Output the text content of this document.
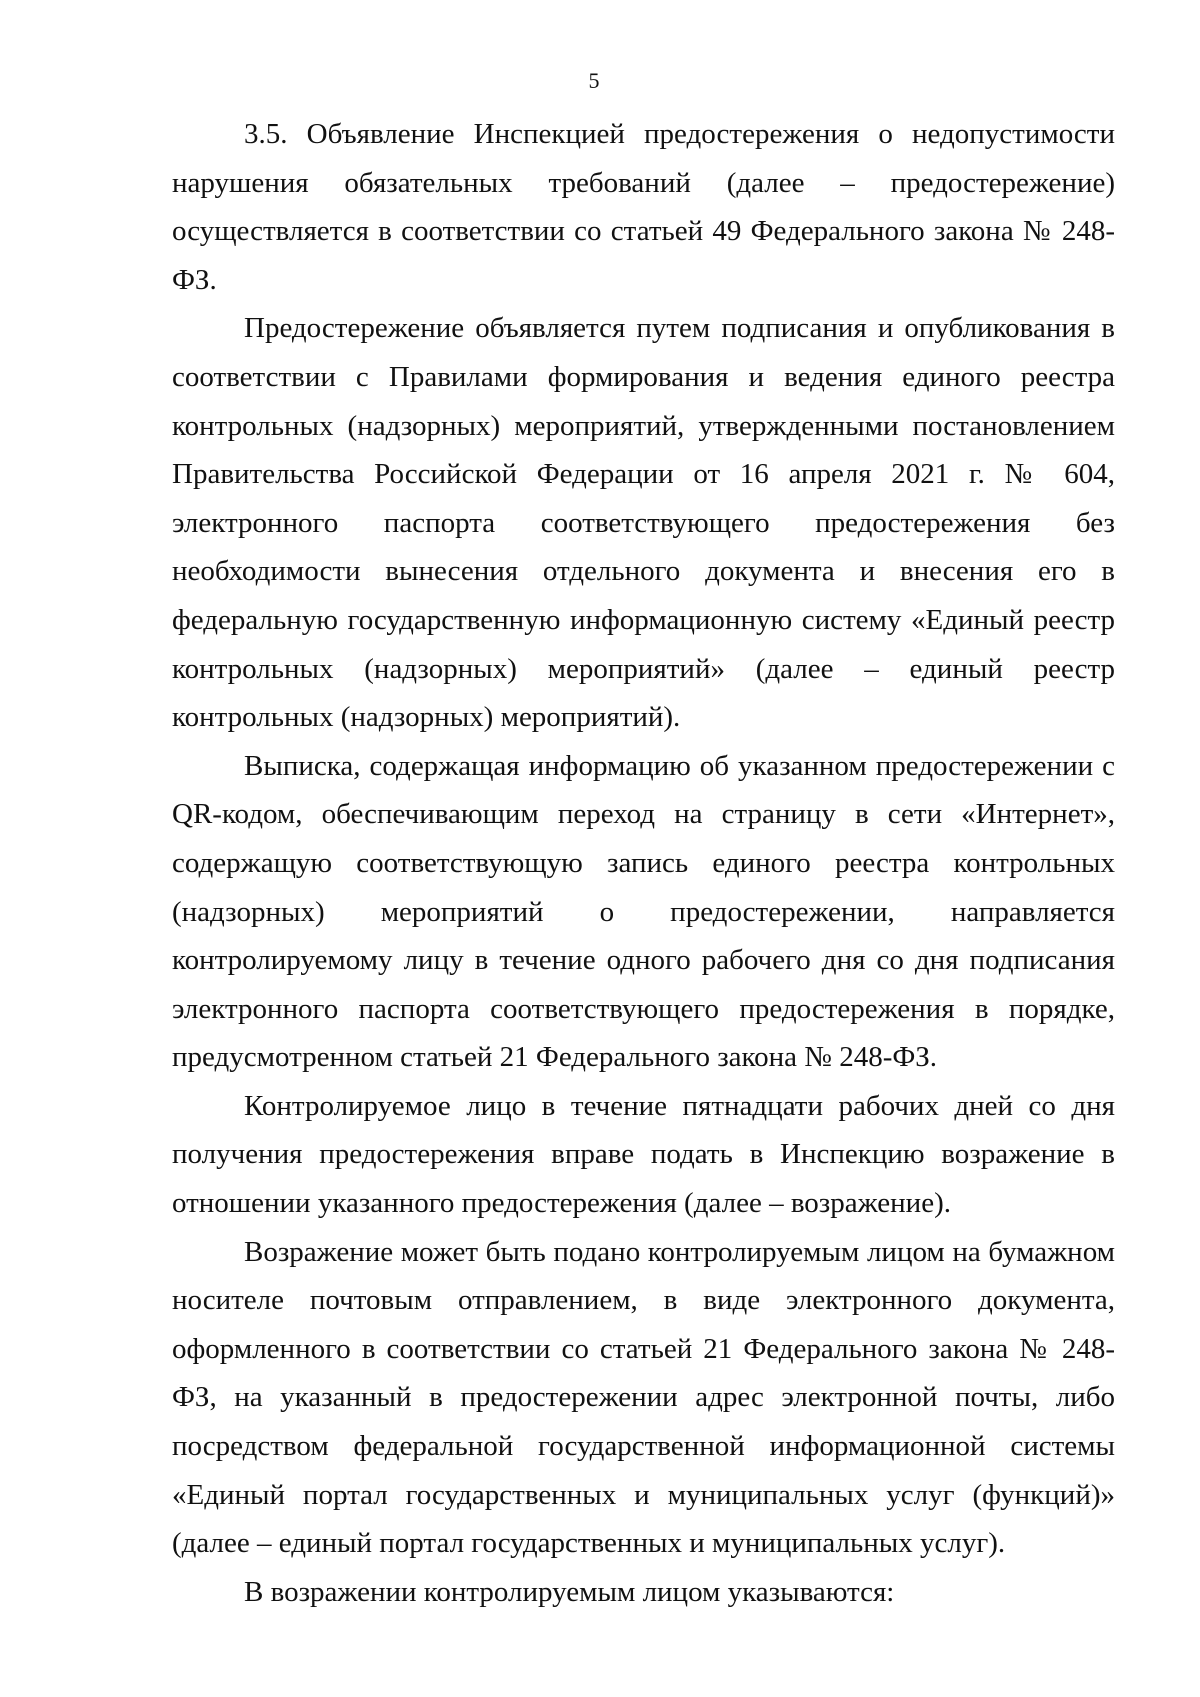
5

3.5. Объявление Инспекцией предостережения о недопустимости нарушения обязательных требований (далее – предостережение) осуществляется в соответствии со статьей 49 Федерального закона № 248-ФЗ.

Предостережение объявляется путем подписания и опубликования в соответствии с Правилами формирования и ведения единого реестра контрольных (надзорных) мероприятий, утвержденными постановлением Правительства Российской Федерации от 16 апреля 2021 г. № 604, электронного паспорта соответствующего предостережения без необходимости вынесения отдельного документа и внесения его в федеральную государственную информационную систему «Единый реестр контрольных (надзорных) мероприятий» (далее – единый реестр контрольных (надзорных) мероприятий).

Выписка, содержащая информацию об указанном предостережении с QR-кодом, обеспечивающим переход на страницу в сети «Интернет», содержащую соответствующую запись единого реестра контрольных (надзорных) мероприятий о предостережении, направляется контролируемому лицу в течение одного рабочего дня со дня подписания электронного паспорта соответствующего предостережения в порядке, предусмотренном статьей 21 Федерального закона № 248-ФЗ.

Контролируемое лицо в течение пятнадцати рабочих дней со дня получения предостережения вправе подать в Инспекцию возражение в отношении указанного предостережения (далее – возражение).

Возражение может быть подано контролируемым лицом на бумажном носителе почтовым отправлением, в виде электронного документа, оформленного в соответствии со статьей 21 Федерального закона № 248-ФЗ, на указанный в предостережении адрес электронной почты, либо посредством федеральной государственной информационной системы «Единый портал государственных и муниципальных услуг (функций)» (далее – единый портал государственных и муниципальных услуг).

В возражении контролируемым лицом указываются:
